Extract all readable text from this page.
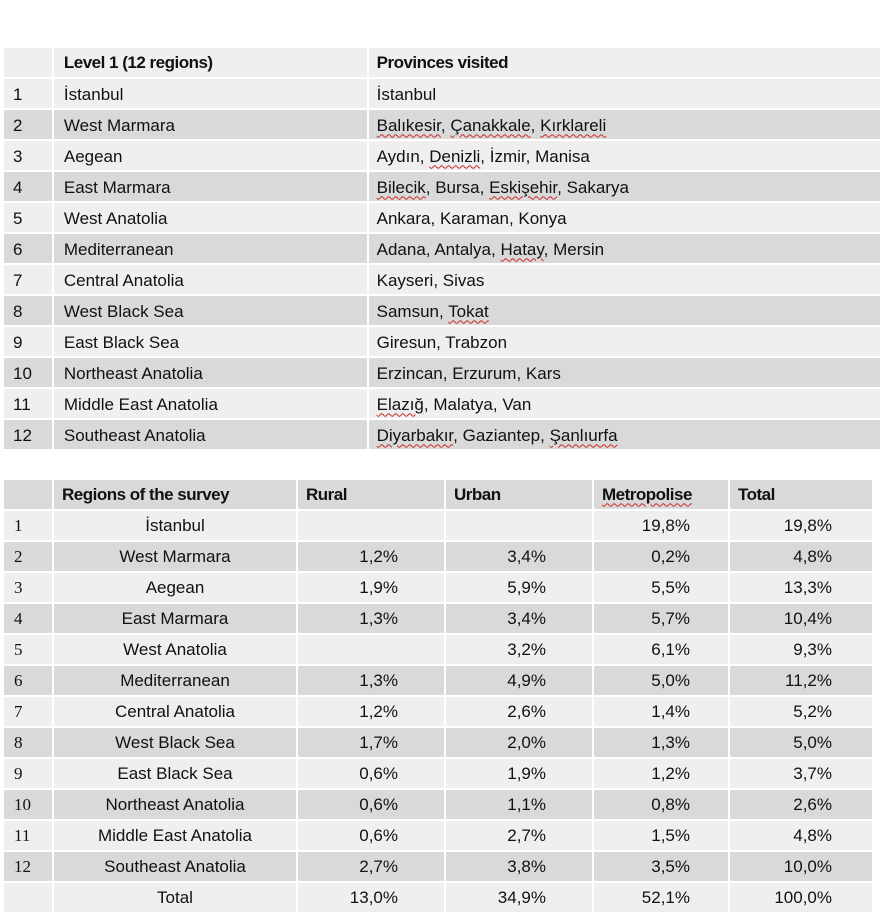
	Level 1 (12 regions)	Provinces visited
1	İstanbul	İstanbul
2	West Marmara	Balıkesir, Çanakkale, Kırklareli
3	Aegean	Aydın, Denizli, İzmir, Manisa
4	East Marmara	Bilecik, Bursa, Eskişehir, Sakarya
5	West Anatolia	Ankara, Karaman, Konya
6	Mediterranean	Adana, Antalya, Hatay, Mersin
7	Central Anatolia	Kayseri, Sivas
8	West Black Sea	Samsun, Tokat
9	East Black Sea	Giresun, Trabzon
10	Northeast Anatolia	Erzincan, Erzurum, Kars
11	Middle East Anatolia	Elazığ, Malatya, Van
12	Southeast Anatolia	Diyarbakır, Gaziantep, Şanlıurfa
	Regions of the survey	Rural	Urban	Metropolise	Total
1	İstanbul			19,8%	19,8%
2	West Marmara	1,2%	3,4%	0,2%	4,8%
3	Aegean	1,9%	5,9%	5,5%	13,3%
4	East Marmara	1,3%	3,4%	5,7%	10,4%
5	West Anatolia		3,2%	6,1%	9,3%
6	Mediterranean	1,3%	4,9%	5,0%	11,2%
7	Central Anatolia	1,2%	2,6%	1,4%	5,2%
8	West Black Sea	1,7%	2,0%	1,3%	5,0%
9	East Black Sea	0,6%	1,9%	1,2%	3,7%
10	Northeast Anatolia	0,6%	1,1%	0,8%	2,6%
11	Middle East Anatolia	0,6%	2,7%	1,5%	4,8%
12	Southeast Anatolia	2,7%	3,8%	3,5%	10,0%
	Total	13,0%	34,9%	52,1%	100,0%
